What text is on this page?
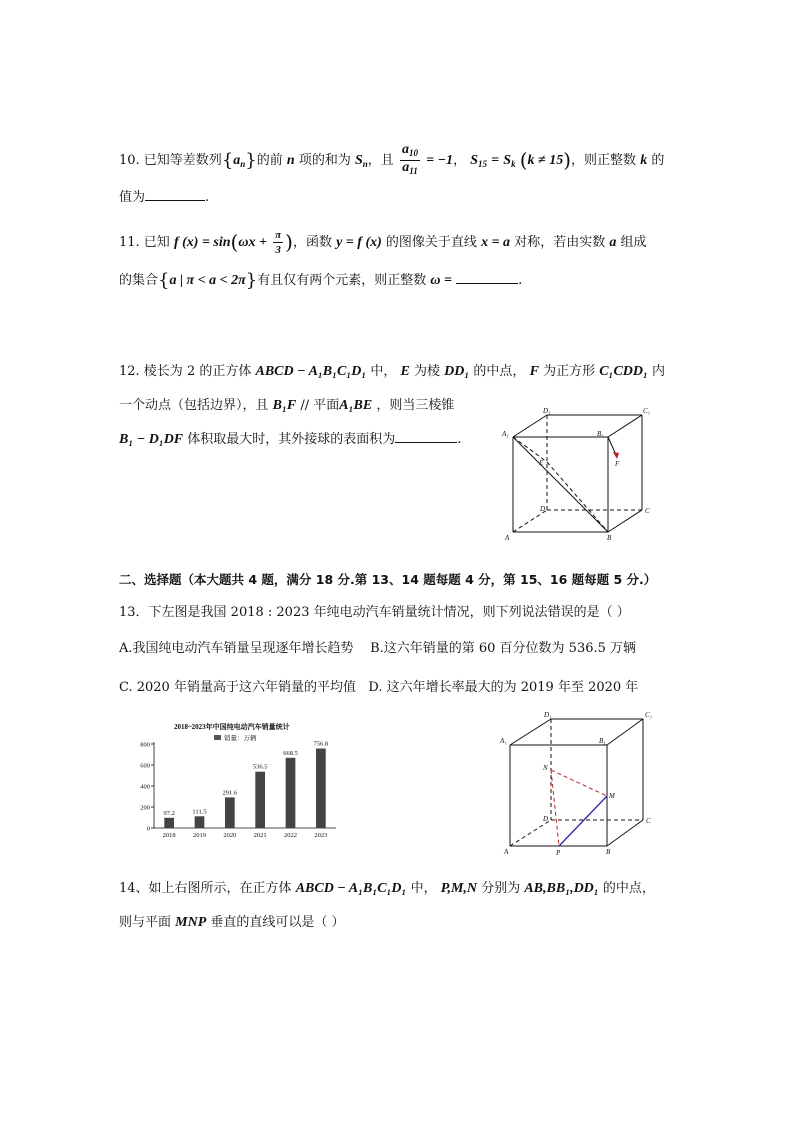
10. 已知等差数列$\{a_n\}$的前 n 项的和为 $S_n$，且 $\frac{a_{10}}{a_{11}} = -1$， $S_{15} = S_k$ (k ≠ 15)，则正整数 k 的
值为	.
11. 已知 f $(x) = \sin(\omega x + \frac{\pi}{3}$ )，函数 y = f (x) 的图像关于直线 x = a 对称，若由实数 a 组成
的集合{a | π < a < 2π}有且仅有两个元素，则正整数 ω =	.
12. 棱长为 2 的正方体 ABCD − A₁B₁C₁D₁ 中， E 为棱 DD₁ 的中点， F 为正方形 C₁CDD₁ 内
一个动点（包括边界），且 B₁F // 平面A₁BE ，则当三棱锥
B₁ − D₁DF 体积取最大时，其外接球的表面积为	.
D₁	C₁
A₁	B₁
E	F
D	C
A	B
二、选择题（本大题共 4 题，满分 18 分.第 13、14 题每题 4 分，第 15、16 题每题 5 分.）
13．下左图是我国 2018 : 2023 年纯电动汽车销量统计情况，则下列说法错误的是（ ）
A.我国纯电动汽车销量呈现逐年增长趋势 B.这六年销量的第 60 百分位数为 536.5 万辆
C. 2020 年销量高于这六年销量的平均值 D. 这六年增长率最大的为 2019 年至 2020 年
2018~2023年中国纯电动汽车销量统计
销量：万辆
0
200
400
600
800
97.2
2018
111.5
2019
291.6
2020
536.5
2021
668.5
2022
756.8
2023
D₁	C₁
A₁	B₁
N
M
D	C
A	P	B
14、如上右图所示，在正方体 ABCD − A₁B₁C₁D₁ 中， P,M,N 分别为 AB,BB₁,DD₁ 的中点，
则与平面 MNP 垂直的直线可以是（ ）
